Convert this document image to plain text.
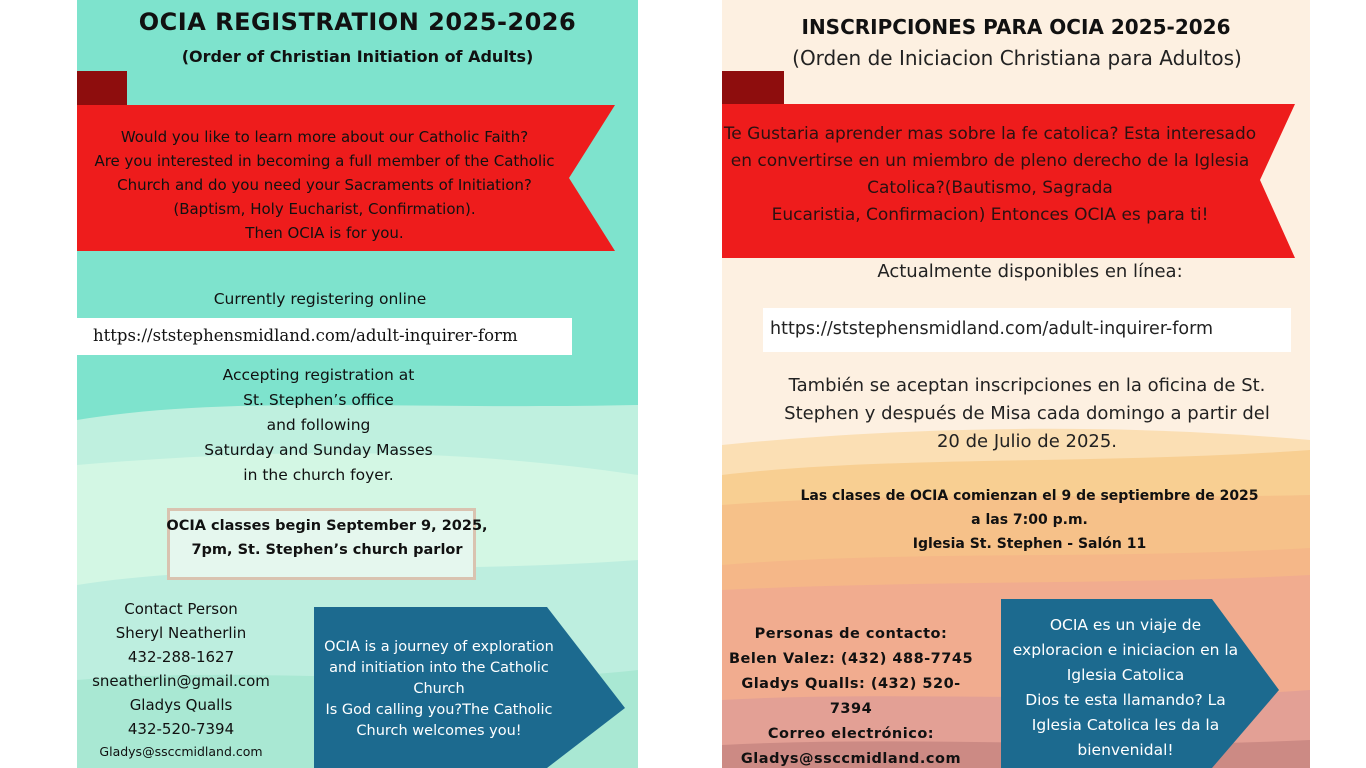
OCIA REGISTRATION 2025-2026
(Order of Christian Initiation of Adults)
Would you like to learn more about our Catholic Faith?
Are you interested in becoming a full member of the Catholic
Church and do you need your Sacraments of Initiation?
(Baptism, Holy Eucharist, Confirmation).
Then OCIA is for you.
Currently registering online
https://ststephensmidland.com/adult-inquirer-form
Accepting registration at
St. Stephen’s office
and following
Saturday and Sunday Masses
in the church foyer.
OCIA classes begin September 9, 2025,
7pm, St. Stephen’s church parlor
Contact Person
Sheryl Neatherlin
432-288-1627
sneatherlin@gmail.com
Gladys Qualls
432-520-7394
Gladys@ssccmidland.com
OCIA is a journey of exploration
and initiation into the Catholic
Church
Is God calling you?The Catholic
Church welcomes you!
INSCRIPCIONES PARA OCIA 2025-2026
(Orden de Iniciacion Christiana para Adultos)
Te Gustaria aprender mas sobre la fe catolica? Esta interesado
en convertirse en un miembro de pleno derecho de la Iglesia
Catolica?(Bautismo, Sagrada
Eucaristia, Confirmacion) Entonces OCIA es para ti!
Actualmente disponibles en línea:
https://ststephensmidland.com/adult-inquirer-form
También se aceptan inscripciones en la oficina de St.
Stephen y después de Misa cada domingo a partir del
20 de Julio de 2025.
Las clases de OCIA comienzan el 9 de septiembre de 2025
a las 7:00 p.m.
Iglesia St. Stephen - Salón 11
Personas de contacto:
Belen Valez: (432) 488-7745
Gladys Qualls: (432) 520-7394
Correo electrónico:
Gladys@ssccmidland.com
OCIA es un viaje de
exploracion e iniciacion en la
Iglesia Catolica
Dios te esta llamando? La
Iglesia Catolica les da la
bienvenidal!
